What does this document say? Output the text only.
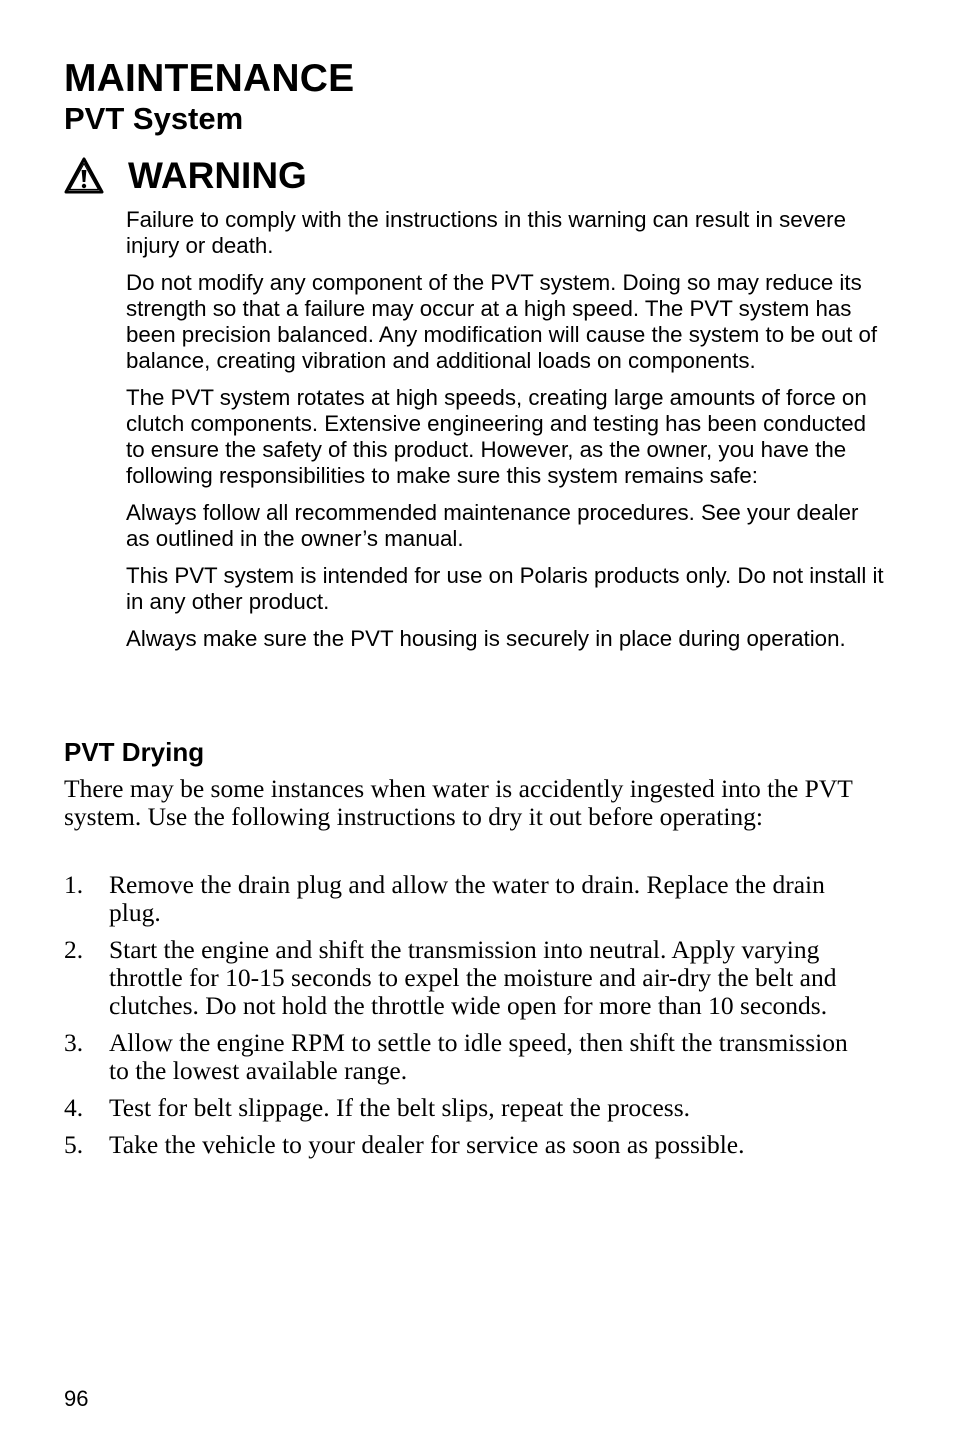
MAINTENANCE
PVT System
WARNING

Failure to comply with the instructions in this warning can result in severe injury or death.

Do not modify any component of the PVT system. Doing so may reduce its strength so that a failure may occur at a high speed. The PVT system has been precision balanced. Any modification will cause the system to be out of balance, creating vibration and additional loads on components.

The PVT system rotates at high speeds, creating large amounts of force on clutch components. Extensive engineering and testing has been conducted to ensure the safety of this product. However, as the owner, you have the following responsibilities to make sure this system remains safe:

Always follow all recommended maintenance procedures. See your dealer as outlined in the owner’s manual.

This PVT system is intended for use on Polaris products only. Do not install it in any other product.

Always make sure the PVT housing is securely in place during operation.

PVT Drying

There may be some instances when water is accidently ingested into the PVT system. Use the following instructions to dry it out before operating:

1.	Remove the drain plug and allow the water to drain. Replace the drain plug.
2.	Start the engine and shift the transmission into neutral. Apply varying throttle for 10-15 seconds to expel the moisture and air-dry the belt and clutches. Do not hold the throttle wide open for more than 10 seconds.
3.	Allow the engine RPM to settle to idle speed, then shift the transmission to the lowest available range.
4.	Test for belt slippage. If the belt slips, repeat the process.
5.	Take the vehicle to your dealer for service as soon as possible.

96
